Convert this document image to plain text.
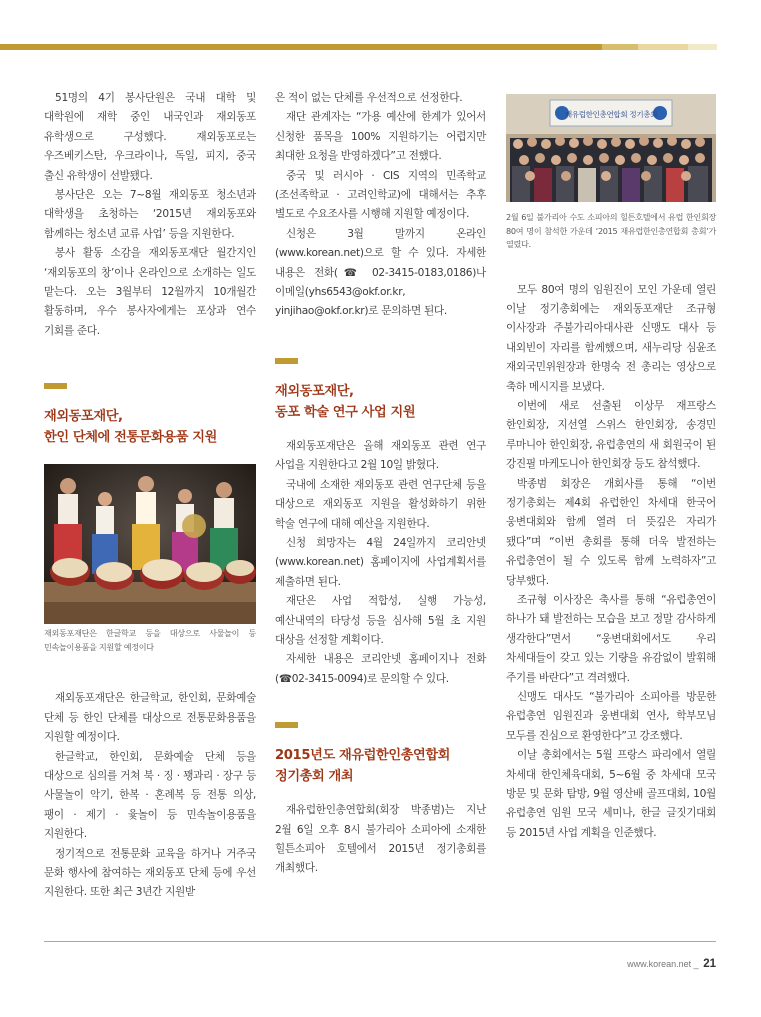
51명의 4기 봉사단원은 국내 대학 및 대학원에 재학 중인 내국인과 재외동포 유학생으로 구성했다. 재외동포로는 우즈베키스탄, 우크라이나, 독일, 피지, 중국 출신 유학생이 선발됐다.

봉사단은 오는 7~8월 재외동포 청소년과 대학생을 초청하는 ‘2015년 재외동포와 함께하는 청소년 교류 사업’ 등을 지원한다.

봉사 활동 소감을 재외동포재단 월간지인 ‘재외동포의 창’이나 온라인으로 소개하는 일도 맡는다. 오는 3월부터 12월까지 10개월간 활동하며, 우수 봉사자에게는 포상과 연수 기회를 준다.

재외동포재단,

한인 단체에 전통문화용품 지원

재외동포재단은 한글학교 등을 대상으로 사물놀이 등 민속놀이용품을 지원할 예정이다

재외동포재단은 한글학교, 한인회, 문화예술 단체 등 한인 단체를 대상으로 전통문화용품을 지원할 예정이다.

한글학교, 한인회, 문화예술 단체 등을 대상으로 심의를 거쳐 북 · 징 · 꽹과리 · 장구 등 사물놀이 악기, 한복 · 혼례복 등 전통 의상, 팽이 · 제기 · 윷놀이 등 민속놀이용품을 지원한다.

정기적으로 전통문화 교육을 하거나 거주국 문화 행사에 참여하는 재외동포 단체 등에 우선 지원한다. 또한 최근 3년간 지원받

은 적이 없는 단체를 우선적으로 선정한다.

재단 관계자는 “가용 예산에 한계가 있어서 신청한 품목을 100% 지원하기는 어렵지만 최대한 요청을 반영하겠다”고 전했다.

중국 및 러시아 · CIS 지역의 민족학교(조선족학교 · 고려인학교)에 대해서는 추후 별도로 수요조사를 시행해 지원할 예정이다.

신청은 3월 말까지 온라인(www.korean.net)으로 할 수 있다. 자세한 내용은 전화(☎ 02-3415-0183,0186)나 이메일(yhs6543@okf.or.kr, yinjihao@okf.or.kr)로 문의하면 된다.

재외동포재단,

동포 학술 연구 사업 지원

재외동포재단은 올해 재외동포 관련 연구 사업을 지원한다고 2월 10일 밝혔다.

국내에 소재한 재외동포 관련 연구단체 등을 대상으로 재외동포 지원을 활성화하기 위한 학술 연구에 대해 예산을 지원한다.

신청 희망자는 4월 24일까지 코리안넷(www.korean.net) 홈페이지에 사업계획서를 제출하면 된다.

재단은 사업 적합성, 실행 가능성, 예산내역의 타당성 등을 심사해 5월 초 지원 대상을 선정할 계획이다.

자세한 내용은 코리안넷 홈페이지나 전화(☎02-3415-0094)로 문의할 수 있다.

2015년도 재유럽한인총연합회

정기총회 개최

재유럽한인총연합회(회장 박종범)는 지난 2월 6일 오후 8시 불가리아 소피아에 소재한 힐튼소피아 호텔에서 2015년 정기총회를 개최했다.

재유럽한인총연합회 정기총회

2월 6일 불가리아 수도 소피아의 힐튼호텔에서 유럽 한인회장 80여 명이 참석한 가운데 ‘2015 재유럽한인총연합회 총회’가 열렸다.

모두 80여 명의 임원진이 모인 가운데 열린 이날 정기총회에는 재외동포재단 조규형 이사장과 주불가리아대사관 신맹도 대사 등 내외빈이 자리를 함께했으며, 새누리당 심윤조 재외국민위원장과 한명숙 전 총리는 영상으로 축하 메시지를 보냈다.

이번에 새로 선출된 이상무 재프랑스 한인회장, 지선열 스위스 한인회장, 송경민 루마니아 한인회장, 유럽총연의 새 회원국이 된 강진필 마케도니아 한인회장 등도 참석했다.

박종범 회장은 개회사를 통해 “이번 정기총회는 제4회 유럽한인 차세대 한국어 웅변대회와 함께 열려 더 뜻깊은 자리가 됐다”며 “이번 총회를 통해 더욱 발전하는 유럽총연이 될 수 있도록 함께 노력하자”고 당부했다.

조규형 이사장은 축사를 통해 “유럽총연이 하나가 돼 발전하는 모습을 보고 정말 감사하게 생각한다”면서 “웅변대회에서도 우리 차세대들이 갖고 있는 기량을 유감없이 발휘해 주기를 바란다”고 격려했다.

신맹도 대사도 “불가리아 소피아를 방문한 유럽총연 임원진과 웅변대회 연사, 학부모님 모두를 진심으로 환영한다”고 강조했다.

이날 총회에서는 5월 프랑스 파리에서 열릴 차세대 한인체육대회, 5~6월 중 차세대 모국 방문 및 문화 탐방, 9월 영산배 골프대회, 10월 유럽총연 임원 모국 세미나, 한글 글짓기대회 등 2015년 사업 계획을 인준했다.

www.korean.net _ 21
